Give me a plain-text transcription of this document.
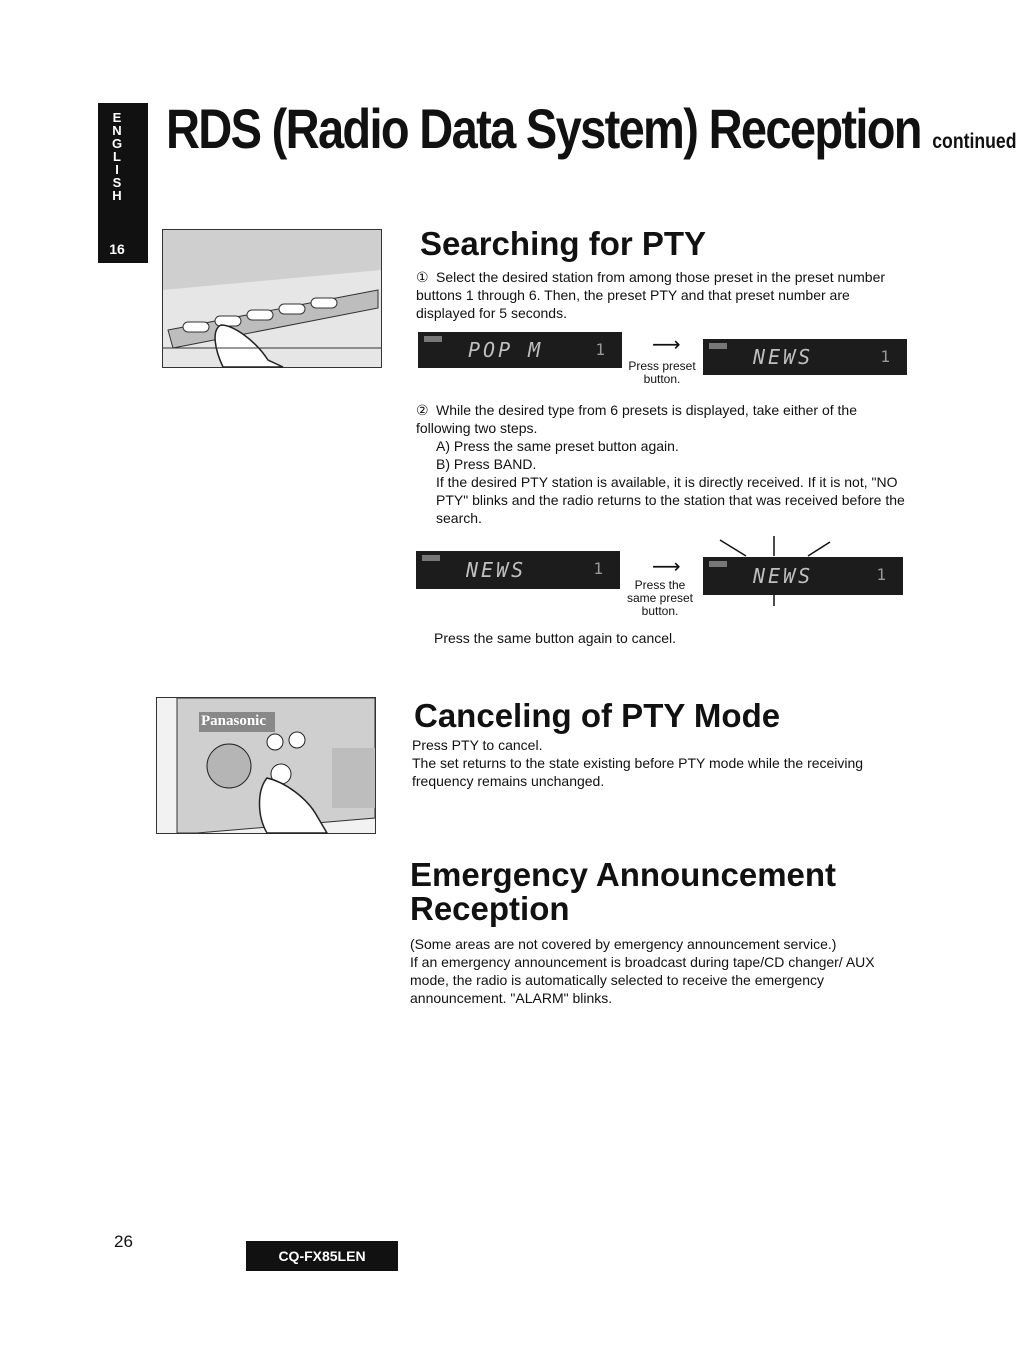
E
N
G
L
I
S
H
16
RDS (Radio Data System) Reception continued
Searching for PTY
① Select the desired station from among those preset in the preset number buttons 1 through 6. Then, the preset PTY and that preset number are displayed for 5 seconds.
POP M	1 ⟶
Press preset button.
NEWS	1
② While the desired type from 6 presets is displayed, take either of the following two steps.
A) Press the same preset button again.
B) Press BAND.
If the desired PTY station is available, it is directly received. If it is not, "NO PTY" blinks and the radio returns to the station that was received before the search.
NEWS	1 ⟶
Press the same preset button.
NEWS	1
Press the same button again to cancel.
Panasonic	Canceling of PTY Mode
Press PTY to cancel.
The set returns to the state existing before PTY mode while the receiving frequency remains unchanged.
Emergency Announcement Reception
(Some areas are not covered by emergency announcement service.)
If an emergency announcement is broadcast during tape/CD changer/ AUX mode, the radio is automatically selected to receive the emergency announcement. "ALARM" blinks.
26
CQ-FX85LEN
